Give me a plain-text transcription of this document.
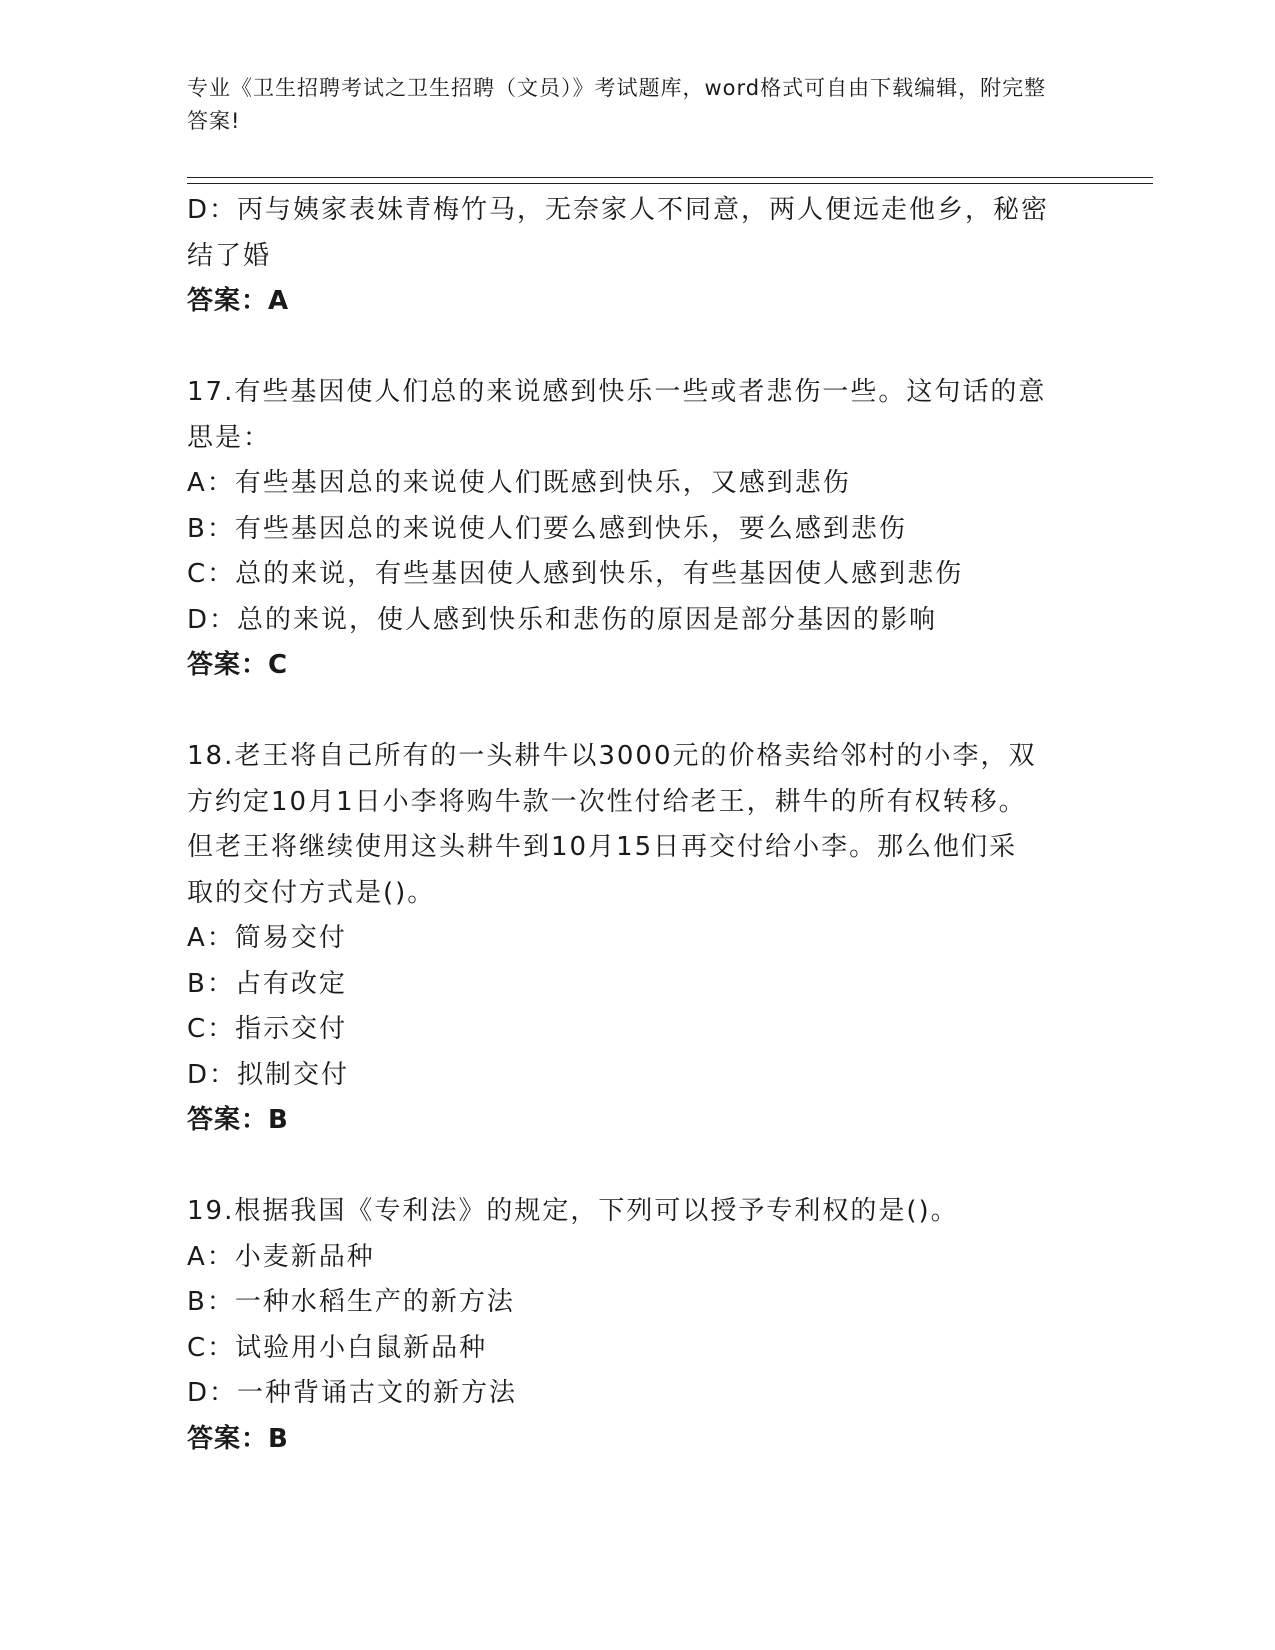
专业《卫生招聘考试之卫生招聘（文员）》考试题库，word格式可自由下载编辑，附完整答案!
D：丙与姨家表妹青梅竹马，无奈家人不同意，两人便远走他乡，秘密
结了婚
答案：A
17.有些基因使人们总的来说感到快乐一些或者悲伤一些。这句话的意
思是：
A：有些基因总的来说使人们既感到快乐，又感到悲伤
B：有些基因总的来说使人们要么感到快乐，要么感到悲伤
C：总的来说，有些基因使人感到快乐，有些基因使人感到悲伤
D：总的来说，使人感到快乐和悲伤的原因是部分基因的影响
答案：C
18.老王将自己所有的一头耕牛以3000元的价格卖给邻村的小李，双
方约定10月1日小李将购牛款一次性付给老王，耕牛的所有权转移。
但老王将继续使用这头耕牛到10月15日再交付给小李。那么他们采
取的交付方式是()。
A：简易交付
B：占有改定
C：指示交付
D：拟制交付
答案：B
19.根据我国《专利法》的规定，下列可以授予专利权的是()。
A：小麦新品种
B：一种水稻生产的新方法
C：试验用小白鼠新品种
D：一种背诵古文的新方法
答案：B
